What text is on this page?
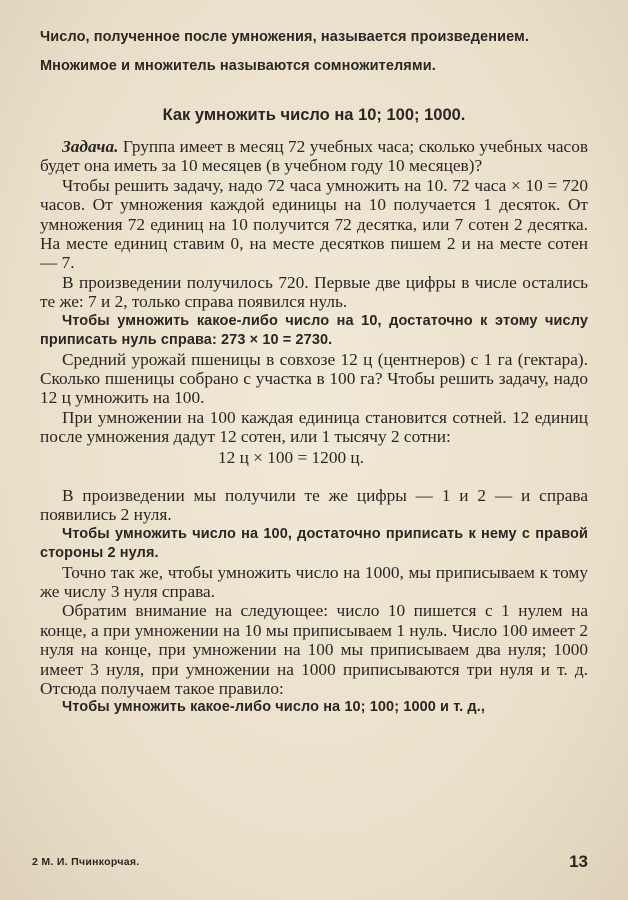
Число, полученное после умножения, называется произведением.

Множимое и множитель называются сомножителями.

Как умножить число на 10; 100; 1000.

Задача. Группа имеет в месяц 72 учебных часа; сколько учебных часов будет она иметь за 10 месяцев (в учебном году 10 месяцев)?

Чтобы решить задачу, надо 72 часа умножить на 10. 72 часа × 10 = 720 часов. От умножения каждой единицы на 10 получается 1 десяток. От умножения 72 единиц на 10 получится 72 десятка, или 7 сотен 2 десятка. На месте единиц ставим 0, на месте десятков пишем 2 и на месте сотен — 7.

В произведении получилось 720. Первые две цифры в числе остались те же: 7 и 2, только справа появился нуль.

Чтобы умножить какое-либо число на 10, достаточно к этому числу приписать нуль справа: 273 × 10 = 2730.

Средний урожай пшеницы в совхозе 12 ц (центнеров) с 1 га (гектара). Сколько пшеницы собрано с участка в 100 га? Чтобы решить задачу, надо 12 ц умножить на 100.

При умножении на 100 каждая единица становится сотней. 12 единиц после умножения дадут 12 сотен, или 1 тысячу 2 сотни:

12 ц × 100 = 1200 ц.

В произведении мы получили те же цифры — 1 и 2 — и справа появились 2 нуля.

Чтобы умножить число на 100, достаточно приписать к нему с правой стороны 2 нуля.

Точно так же, чтобы умножить число на 1000, мы приписываем к тому же числу 3 нуля справа.

Обратим внимание на следующее: число 10 пишется с 1 нулем на конце, а при умножении на 10 мы приписываем 1 нуль. Число 100 имеет 2 нуля на конце, при умножении на 100 мы приписываем два нуля; 1000 имеет 3 нуля, при умножении на 1000 приписываются три нуля и т. д. Отсюда получаем такое правило:

Чтобы умножить какое-либо число на 10; 100; 1000 и т. д.,

2 М. И. Пчинкорчая.	13
